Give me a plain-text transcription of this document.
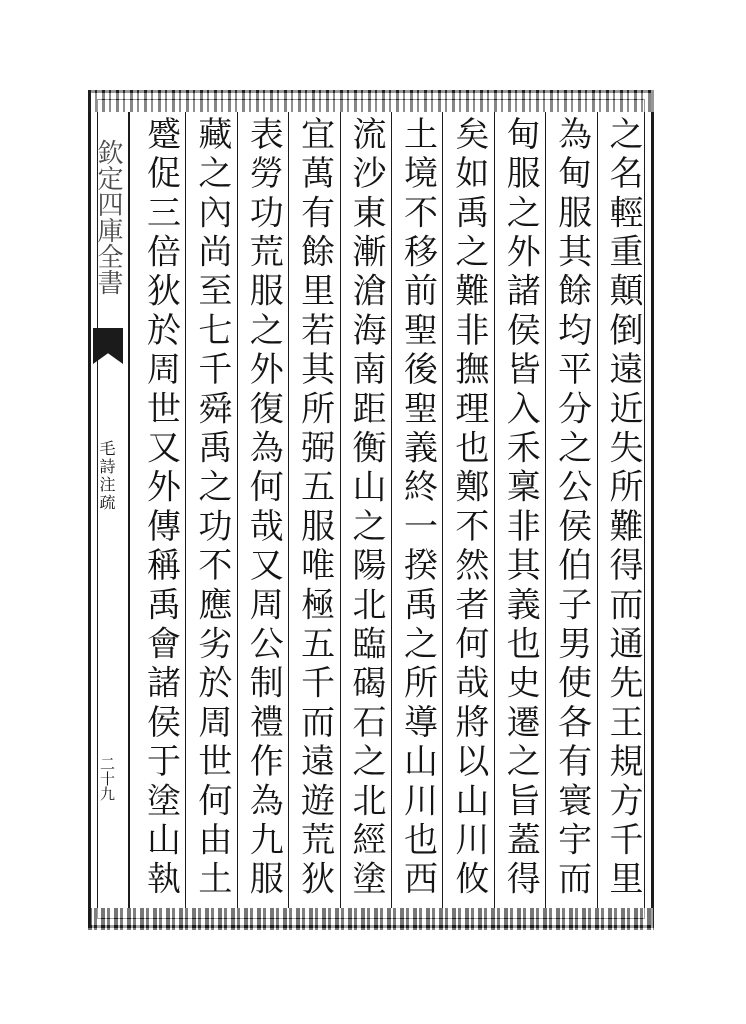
欽定四庫全書
毛詩注疏
二十九
之名輕重顛倒遠近失所難得而通先王規方千里
為甸服其餘均平分之公侯伯子男使各有寰宇而
甸服之外諸侯皆入禾稟非其義也史遷之旨蓋得
矣如禹之難非撫理也鄭不然者何哉將以山川攸
土境不移前聖後聖義終一揆禹之所導山川也西
流沙東漸滄海南距衡山之陽北臨碣石之北經塗
宜萬有餘里若其所弼五服唯極五千而遠遊荒狄
表勞功荒服之外復為何哉又周公制禮作為九服
藏之內尚至七千舜禹之功不應劣於周世何由土
蹙促三倍狄於周世又外傳稱禹會諸侯于塗山執
